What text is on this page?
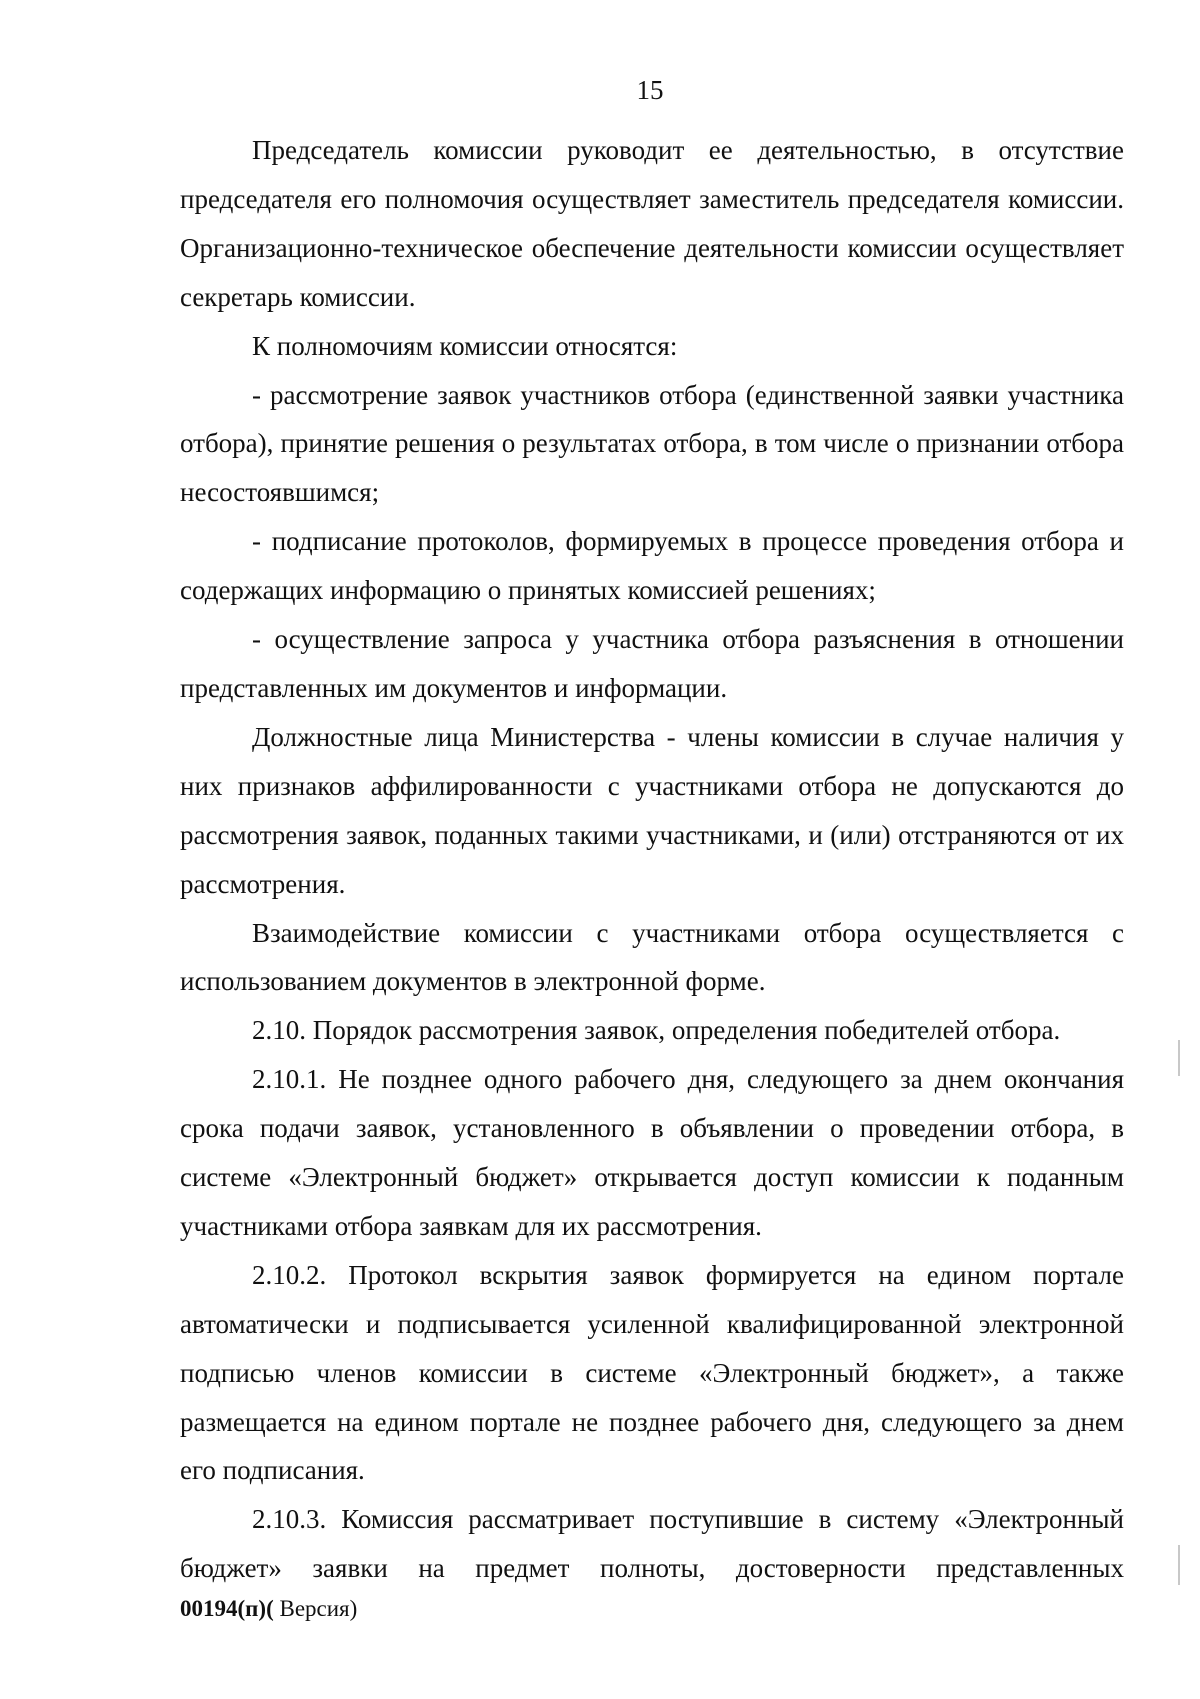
15

Председатель комиссии руководит ее деятельностью, в отсутствие председателя его полномочия осуществляет заместитель председателя комиссии. Организационно-техническое обеспечение деятельности комиссии осуществляет секретарь комиссии.

К полномочиям комиссии относятся:

- рассмотрение заявок участников отбора (единственной заявки участника отбора), принятие решения о результатах отбора, в том числе о признании отбора несостоявшимся;

- подписание протоколов, формируемых в процессе проведения отбора и содержащих информацию о принятых комиссией решениях;

- осуществление запроса у участника отбора разъяснения в отношении представленных им документов и информации.

Должностные лица Министерства - члены комиссии в случае наличия у них признаков аффилированности с участниками отбора не допускаются до рассмотрения заявок, поданных такими участниками, и (или) отстраняются от их рассмотрения.

Взаимодействие комиссии с участниками отбора осуществляется с использованием документов в электронной форме.

2.10. Порядок рассмотрения заявок, определения победителей отбора.

2.10.1. Не позднее одного рабочего дня, следующего за днем окончания срока подачи заявок, установленного в объявлении о проведении отбора, в системе «Электронный бюджет» открывается доступ комиссии к поданным участниками отбора заявкам для их рассмотрения.

2.10.2. Протокол вскрытия заявок формируется на едином портале автоматически и подписывается усиленной квалифицированной электронной подписью членов комиссии в системе «Электронный бюджет», а также размещается на едином портале не позднее рабочего дня, следующего за днем его подписания.

2.10.3. Комиссия рассматривает поступившие в систему «Электронный бюджет» заявки на предмет полноты, достоверности представленных

00194(п)( Версия)
